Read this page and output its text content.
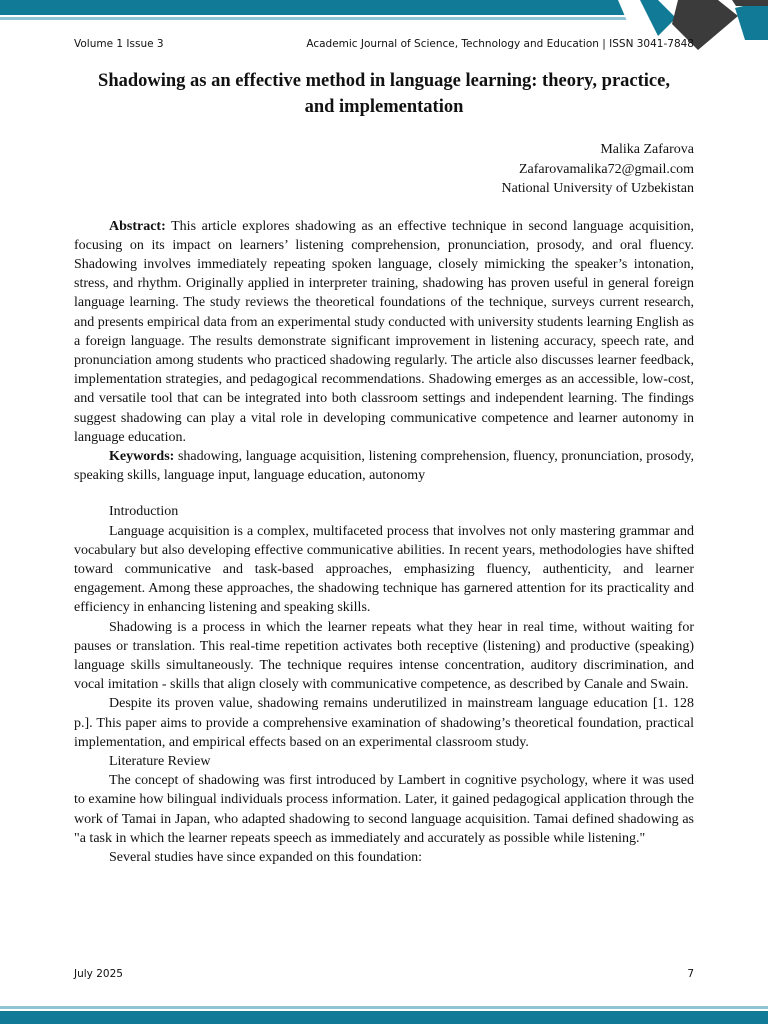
Volume 1 Issue 3	Academic Journal of Science, Technology and Education | ISSN 3041-7848
Shadowing as an effective method in language learning: theory, practice, and implementation
Malika Zafarova
Zafarovamalika72@gmail.com
National University of Uzbekistan

Abstract: This article explores shadowing as an effective technique in second language acquisition, focusing on its impact on learners’ listening comprehension, pronunciation, prosody, and oral fluency. Shadowing involves immediately repeating spoken language, closely mimicking the speaker’s intonation, stress, and rhythm. Originally applied in interpreter training, shadowing has proven useful in general foreign language learning. The study reviews the theoretical foundations of the technique, surveys current research, and presents empirical data from an experimental study conducted with university students learning English as a foreign language. The results demonstrate significant improvement in listening accuracy, speech rate, and pronunciation among students who practiced shadowing regularly. The article also discusses learner feedback, implementation strategies, and pedagogical recommendations. Shadowing emerges as an accessible, low-cost, and versatile tool that can be integrated into both classroom settings and independent learning. The findings suggest shadowing can play a vital role in developing communicative competence and learner autonomy in language education.

Keywords: shadowing, language acquisition, listening comprehension, fluency, pronunciation, prosody, speaking skills, language input, language education, autonomy

Introduction

Language acquisition is a complex, multifaceted process that involves not only mastering grammar and vocabulary but also developing effective communicative abilities. In recent years, methodologies have shifted toward communicative and task-based approaches, emphasizing fluency, authenticity, and learner engagement. Among these approaches, the shadowing technique has garnered attention for its practicality and efficiency in enhancing listening and speaking skills.

Shadowing is a process in which the learner repeats what they hear in real time, without waiting for pauses or translation. This real-time repetition activates both receptive (listening) and productive (speaking) language skills simultaneously. The technique requires intense concentration, auditory discrimination, and vocal imitation - skills that align closely with communicative competence, as described by Canale and Swain.

Despite its proven value, shadowing remains underutilized in mainstream language education [1. 128 p.]. This paper aims to provide a comprehensive examination of shadowing’s theoretical foundation, practical implementation, and empirical effects based on an experimental classroom study.

Literature Review

The concept of shadowing was first introduced by Lambert in cognitive psychology, where it was used to examine how bilingual individuals process information. Later, it gained pedagogical application through the work of Tamai in Japan, who adapted shadowing to second language acquisition. Tamai defined shadowing as "a task in which the learner repeats speech as immediately and accurately as possible while listening."

Several studies have since expanded on this foundation:

July 2025	7
